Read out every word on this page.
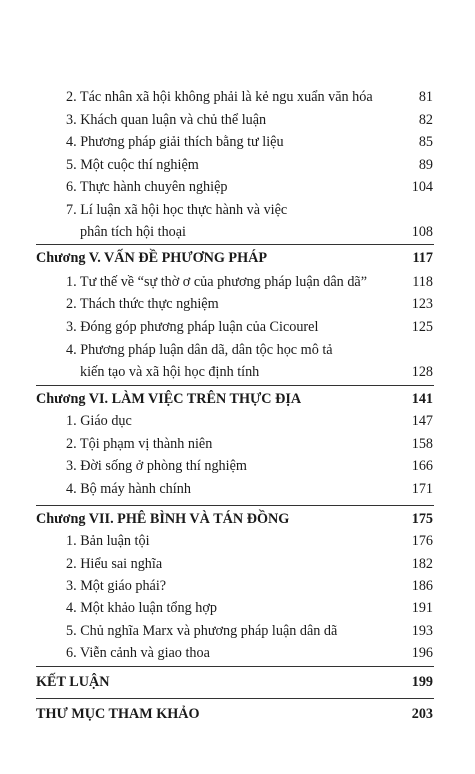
2. Tác nhân xã hội không phải là kẻ ngu xuẩn văn hóa	81
3. Khách quan luận và chủ thể luận	82
4. Phương pháp giải thích bằng tư liệu	85
5. Một cuộc thí nghiệm	89
6. Thực hành chuyên nghiệp	104
7. Lí luận xã hội học thực hành và việc
phân tích hội thoại	108
Chương V. VẤN ĐỀ PHƯƠNG PHÁP	117
1. Tư thế về “sự thờ ơ của phương pháp luận dân dã”	118
2. Thách thức thực nghiệm	123
3. Đóng góp phương pháp luận của Cicourel	125
4. Phương pháp luận dân dã, dân tộc học mô tả
kiến tạo và xã hội học định tính	128
Chương VI. LÀM VIỆC TRÊN THỰC ĐỊA	141
1. Giáo dục	147
2. Tội phạm vị thành niên	158
3. Đời sống ở phòng thí nghiệm	166
4. Bộ máy hành chính	171
Chương VII. PHÊ BÌNH VÀ TÁN ĐỒNG	175
1. Bản luận tội	176
2. Hiểu sai nghĩa	182
3. Một giáo phái?	186
4. Một khảo luận tổng hợp	191
5. Chủ nghĩa Marx và phương pháp luận dân dã	193
6. Viễn cảnh và giao thoa	196
KẾT LUẬN	199
THƯ MỤC THAM KHẢO	203
